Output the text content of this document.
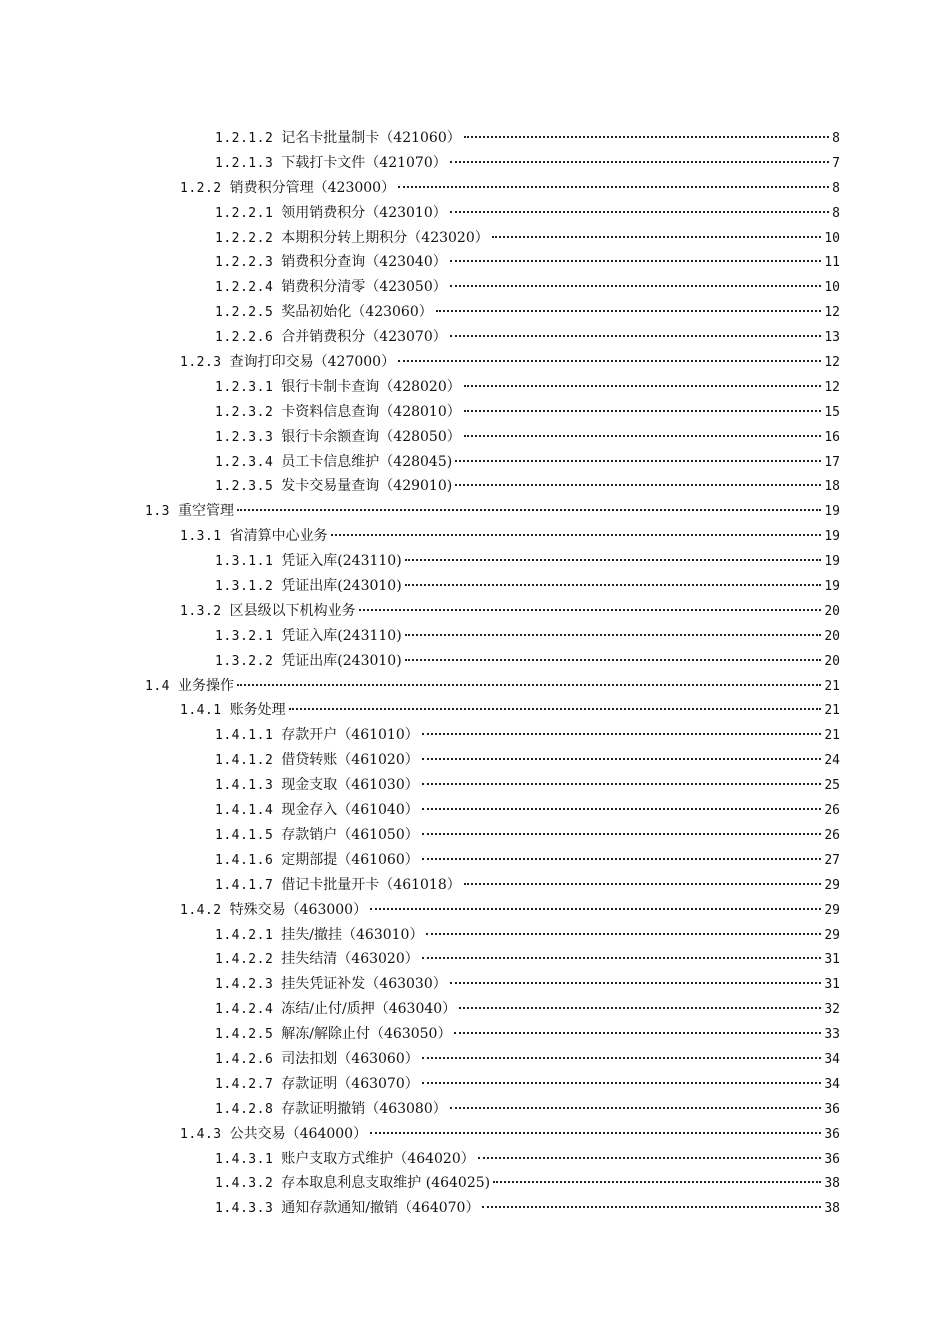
1.2.1.2 记名卡批量制卡（421060）	8
1.2.1.3 下载打卡文件（421070）	7
1.2.2 销费积分管理（423000）	8
1.2.2.1 领用销费积分（423010）	8
1.2.2.2 本期积分转上期积分（423020）	10
1.2.2.3 销费积分查询（423040）	11
1.2.2.4 销费积分清零（423050）	10
1.2.2.5 奖品初始化（423060）	12
1.2.2.6 合并销费积分（423070）	13
1.2.3 查询打印交易（427000）	12
1.2.3.1 银行卡制卡查询（428020）	12
1.2.3.2 卡资料信息查询（428010）	15
1.2.3.3 银行卡余额查询（428050）	16
1.2.3.4 员工卡信息维护（428045)	17
1.2.3.5 发卡交易量查询（429010)	18
1.3 重空管理	19
1.3.1 省清算中心业务	19
1.3.1.1 凭证入库(243110)	19
1.3.1.2 凭证出库(243010)	19
1.3.2 区县级以下机构业务	20
1.3.2.1 凭证入库(243110)	20
1.3.2.2 凭证出库(243010)	20
1.4 业务操作	21
1.4.1 账务处理	21
1.4.1.1 存款开户（461010）	21
1.4.1.2 借贷转账（461020）	24
1.4.1.3 现金支取（461030）	25
1.4.1.4 现金存入（461040）	26
1.4.1.5 存款销户（461050）	26
1.4.1.6 定期部提（461060）	27
1.4.1.7 借记卡批量开卡（461018）	29
1.4.2 特殊交易（463000）	29
1.4.2.1 挂失/撤挂（463010）	29
1.4.2.2 挂失结清（463020）	31
1.4.2.3 挂失凭证补发（463030）	31
1.4.2.4 冻结/止付/质押（463040）	32
1.4.2.5 解冻/解除止付（463050）	33
1.4.2.6 司法扣划（463060）	34
1.4.2.7 存款证明（463070）	34
1.4.2.8 存款证明撤销（463080）	36
1.4.3 公共交易（464000）	36
1.4.3.1 账户支取方式维护（464020）	36
1.4.3.2 存本取息利息支取维护 (464025)	38
1.4.3.3 通知存款通知/撤销（464070）	38
